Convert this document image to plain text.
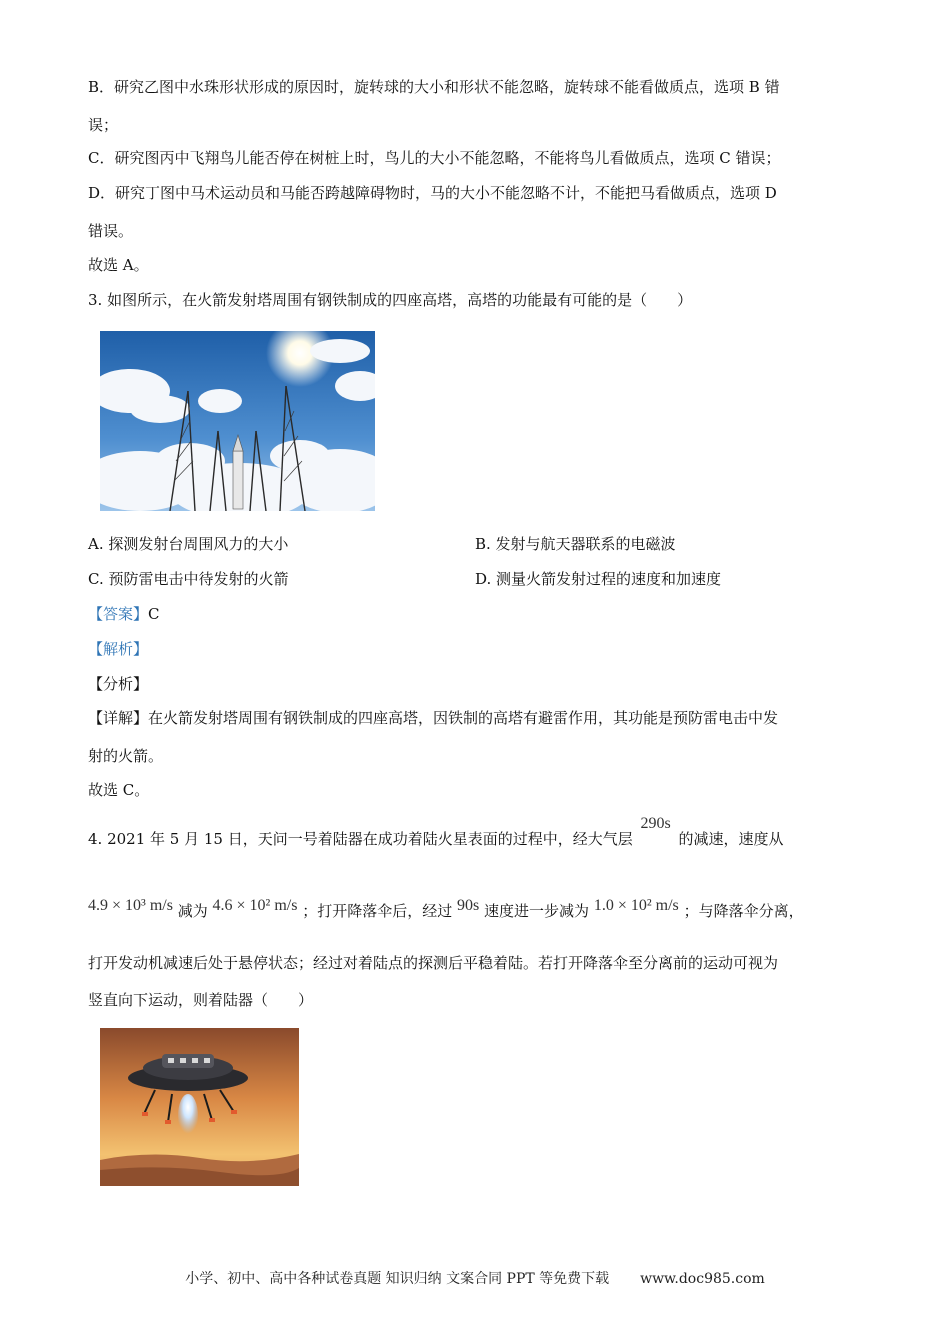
B．研究乙图中水珠形状形成的原因时，旋转球的大小和形状不能忽略，旋转球不能看做质点，选项 B 错
误；
C．研究图丙中飞翔鸟儿能否停在树桩上时，鸟儿的大小不能忽略，不能将鸟儿看做质点，选项 C 错误；
D．研究丁图中马术运动员和马能否跨越障碍物时，马的大小不能忽略不计，不能把马看做质点，选项 D
错误。
故选 A。
3. 如图所示，在火箭发射塔周围有钢铁制成的四座高塔，高塔的功能最有可能的是（　　）
A. 探测发射台周围风力的大小	B. 发射与航天器联系的电磁波
C. 预防雷电击中待发射的火箭	D. 测量火箭发射过程的速度和加速度
【答案】C
【解析】
【分析】
【详解】在火箭发射塔周围有钢铁制成的四座高塔，因铁制的高塔有避雷作用，其功能是预防雷电击中发
射的火箭。
故选 C。
4. 2021 年 5 月 15 日，天问一号着陆器在成功着陆火星表面的过程中，经大气层 290s 的减速，速度从
4.9 × 10³ m/s 减为 4.6 × 10² m/s ；打开降落伞后，经过 90s 速度进一步减为 1.0 × 10² m/s ；与降落伞分离，
打开发动机减速后处于悬停状态；经过对着陆点的探测后平稳着陆。若打开降落伞至分离前的运动可视为
竖直向下运动，则着陆器（　　）
小学、初中、高中各种试卷真题 知识归纳 文案合同 PPT 等免费下载 www.doc985.com
